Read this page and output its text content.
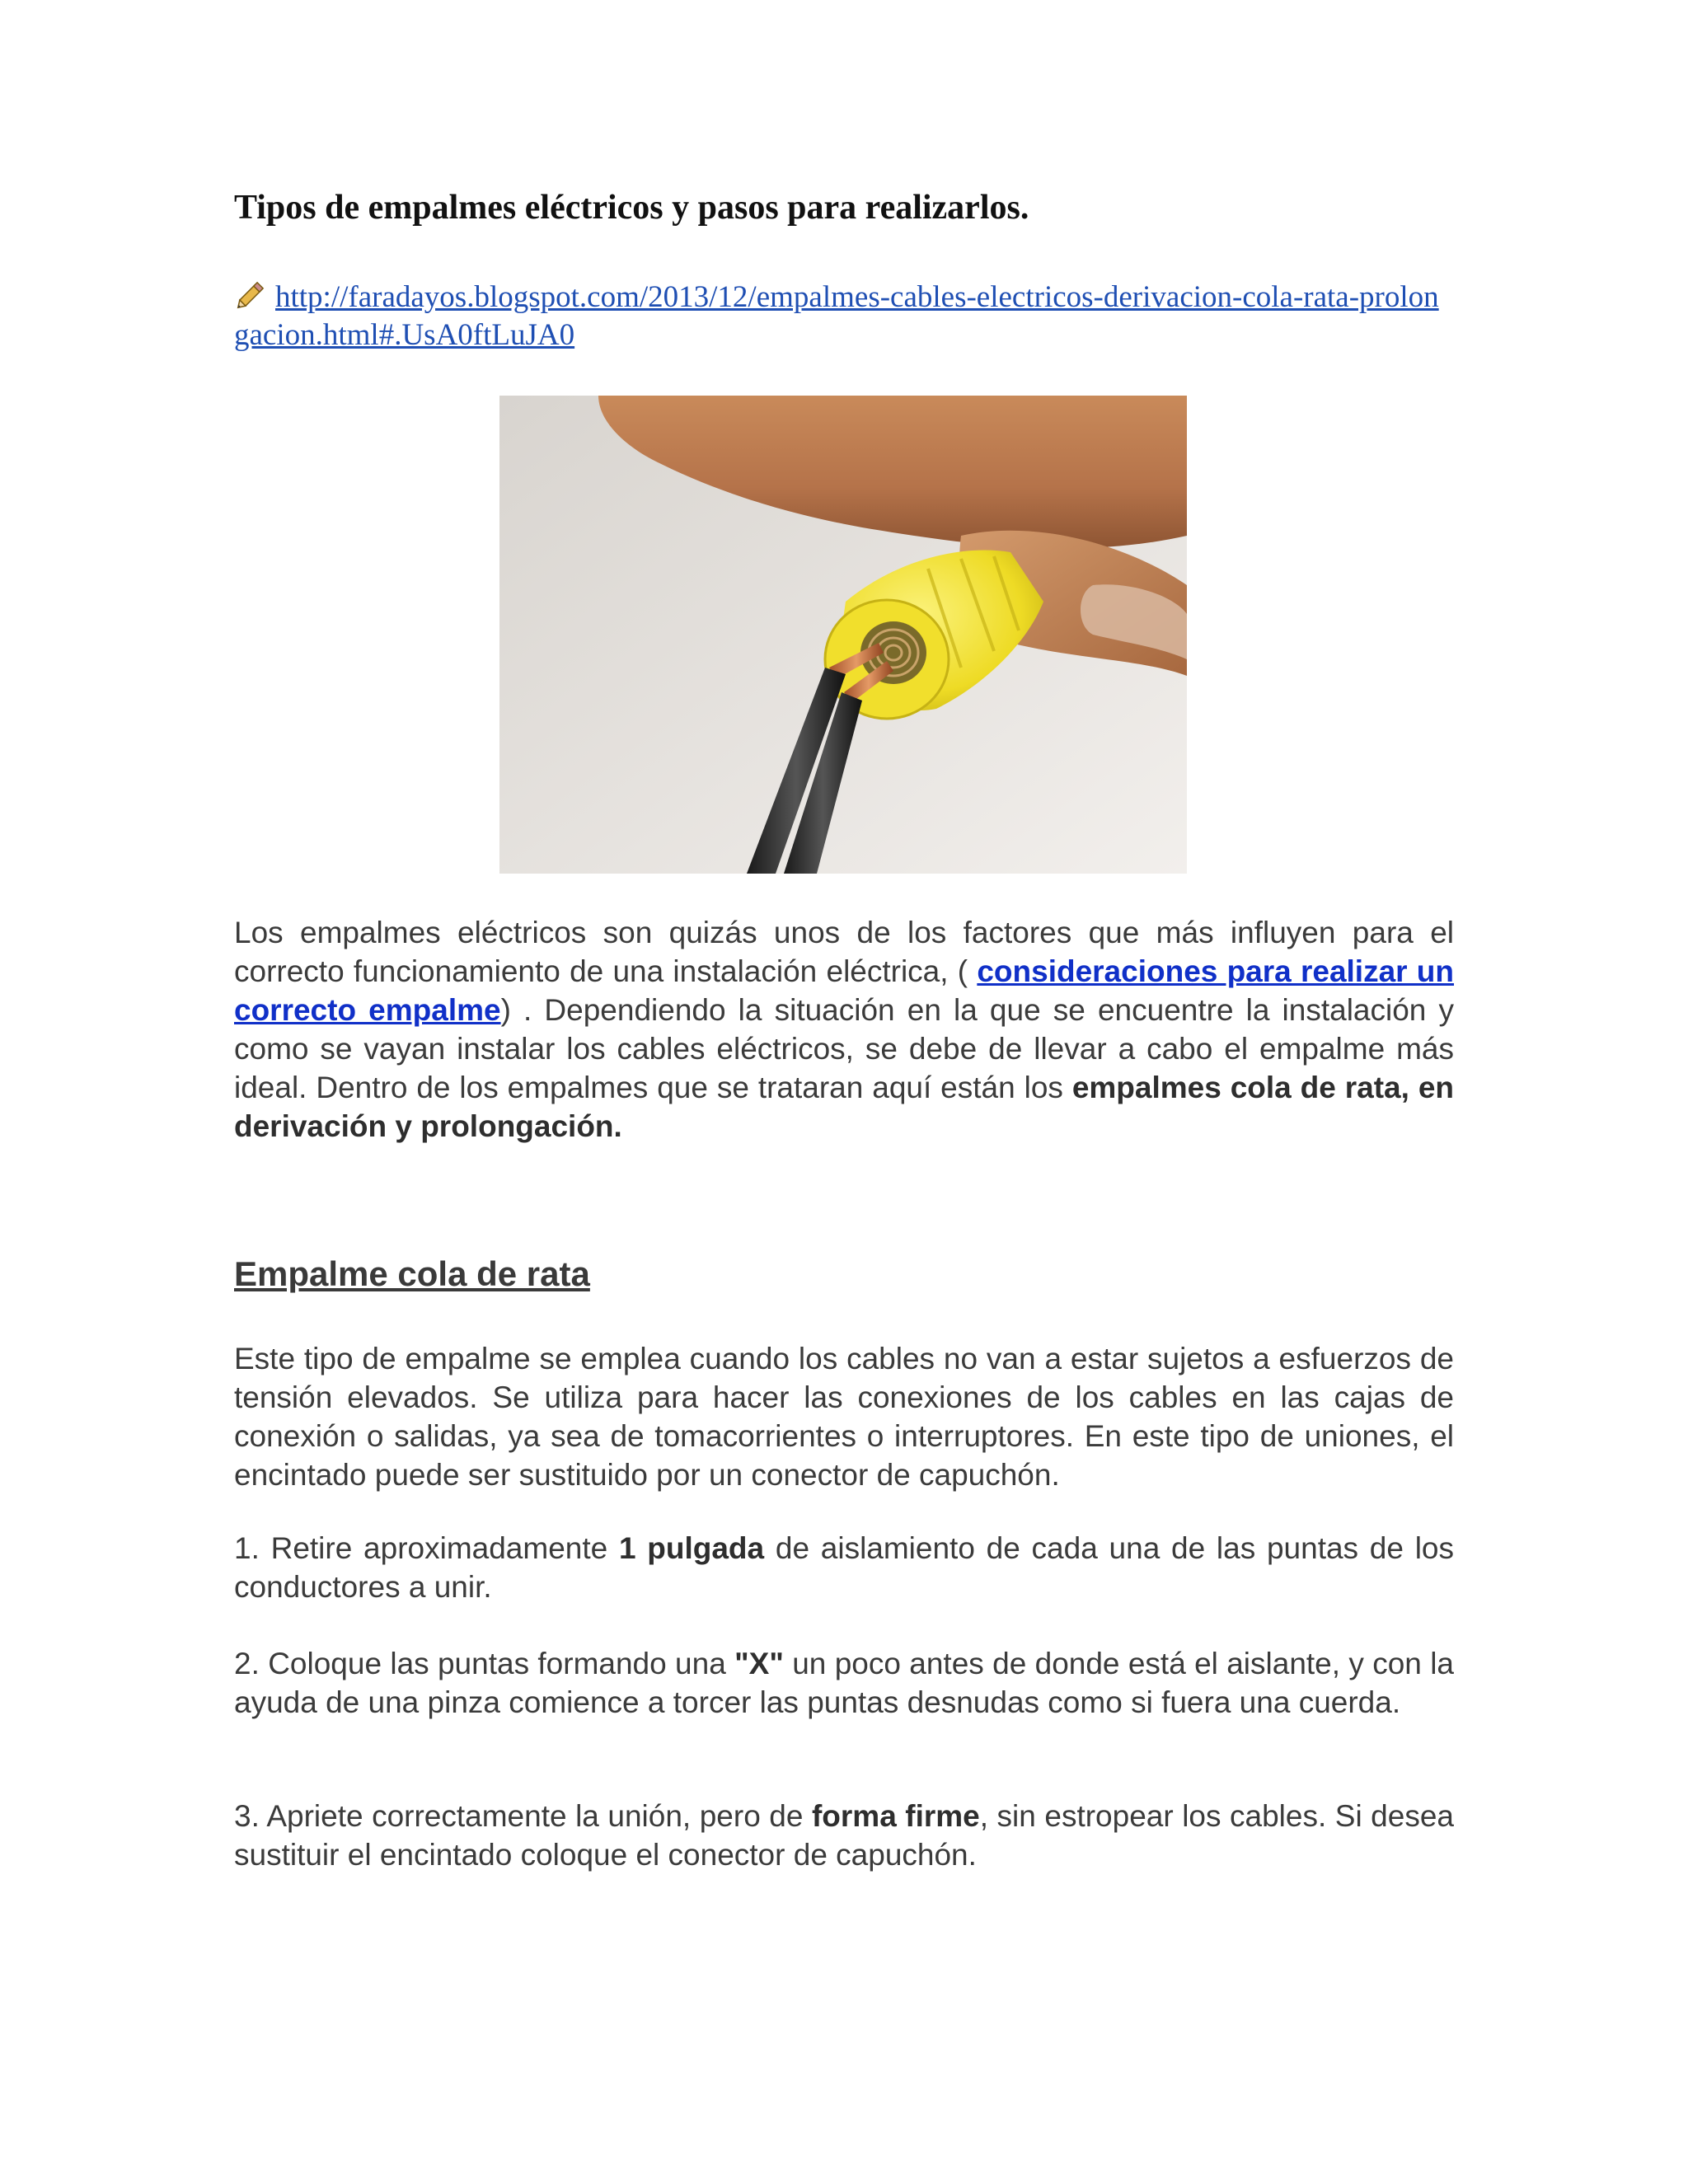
Tipos de empalmes eléctricos y pasos para realizarlos.
http://faradayos.blogspot.com/2013/12/empalmes-cables-electricos-derivacion-cola-rata-prolongacion.html#.UsA0ftLuJA0

Los empalmes eléctricos son quizás unos de los factores que más influyen para el correcto funcionamiento de una instalación eléctrica, ( consideraciones para realizar un correcto empalme) . Dependiendo la situación en la que se encuentre la instalación y como se vayan instalar los cables eléctricos, se debe de llevar a cabo el empalme más ideal. Dentro de los empalmes que se trataran aquí están los empalmes cola de rata, en derivación y prolongación.

Empalme cola de rata

Este tipo de empalme se emplea cuando los cables no van a estar sujetos a esfuerzos de tensión elevados. Se utiliza para hacer las conexiones de los cables en las cajas de conexión o salidas, ya sea de tomacorrientes o interruptores. En este tipo de uniones, el encintado puede ser sustituido por un conector de capuchón.

1. Retire aproximadamente 1 pulgada de aislamiento de cada una de las puntas de los conductores a unir.

2. Coloque las puntas formando una "X" un poco antes de donde está el aislante, y con la ayuda de una pinza comience a torcer las puntas desnudas como si fuera una cuerda.

3. Apriete correctamente la unión, pero de forma firme, sin estropear los cables. Si desea sustituir el encintado coloque el conector de capuchón.
